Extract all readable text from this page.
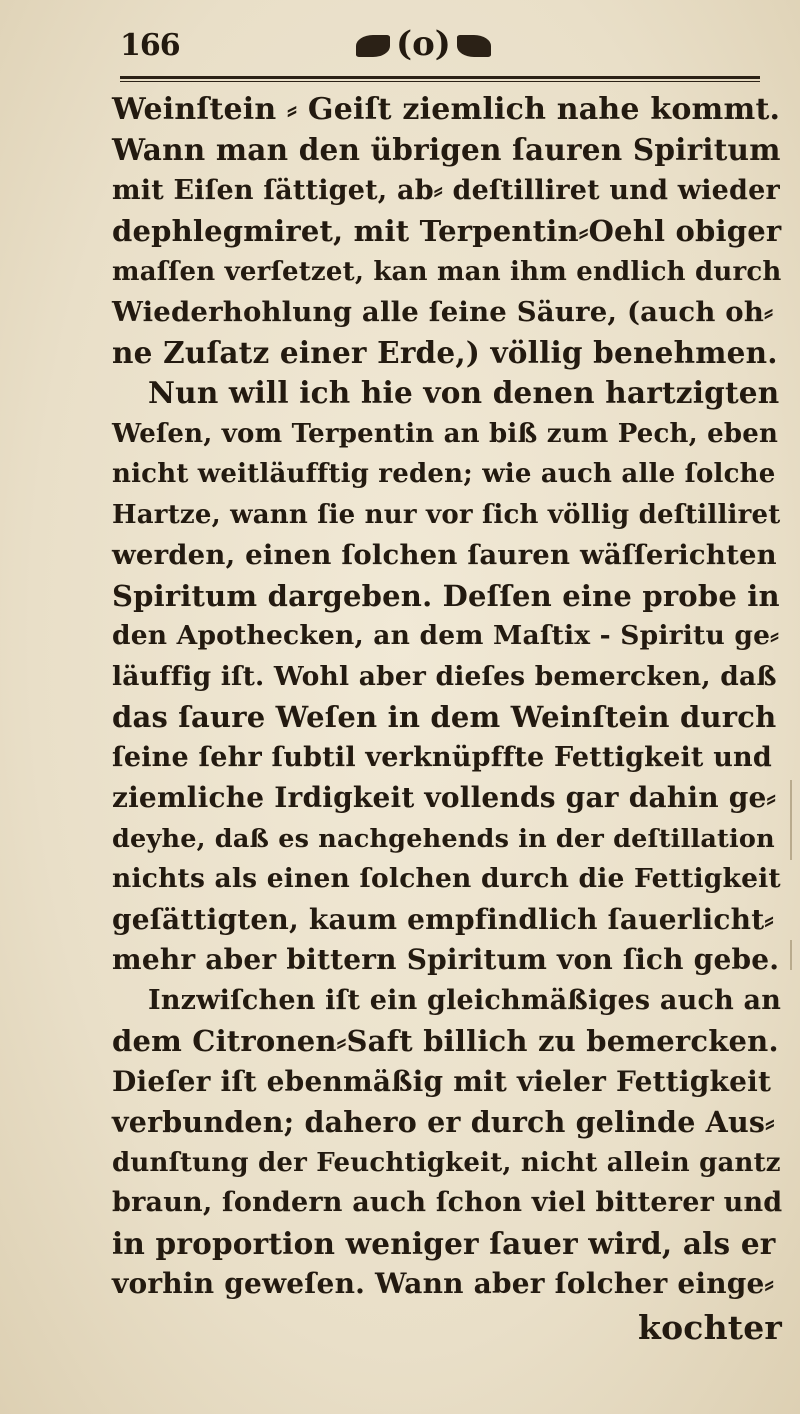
166	(o)
Weinſtein ⸗ Geiſt ziemlich nahe kommt.
Wann man den übrigen ſauren Spiritum
mit Eiſen ſättiget, ab⸗ deſtilliret und wieder
dephlegmiret, mit Terpentin⸗Oehl obiger
maſſen verſetzet, kan man ihm endlich durch
Wiederhohlung alle ſeine Säure, (auch oh⸗
ne Zuſatz einer Erde,) völlig benehmen.
Nun will ich hie von denen hartzigten
Weſen, vom Terpentin an biß zum Pech, eben
nicht weitläufftig reden; wie auch alle ſolche
Hartze, wann ſie nur vor ſich völlig deſtilliret
werden, einen ſolchen ſauren wäſſerichten
Spiritum dargeben. Deſſen eine probe in
den Apothecken, an dem Maſtix - Spiritu ge⸗
läuffig iſt. Wohl aber dieſes bemercken, daß
das ſaure Weſen in dem Weinſtein durch
ſeine ſehr ſubtil verknüpffte Fettigkeit und
ziemliche Irdigkeit vollends gar dahin ge⸗
deyhe, daß es nachgehends in der deſtillation
nichts als einen ſolchen durch die Fettigkeit
geſättigten, kaum empfindlich ſauerlicht⸗
mehr aber bittern Spiritum von ſich gebe.
Inzwiſchen iſt ein gleichmäßiges auch an
dem Citronen⸗Saft billich zu bemercken.
Dieſer iſt ebenmäßig mit vieler Fettigkeit
verbunden; dahero er durch gelinde Aus⸗
dunſtung der Feuchtigkeit, nicht allein gantz
braun, ſondern auch ſchon viel bitterer und
in proportion weniger ſauer wird, als er
vorhin geweſen. Wann aber ſolcher einge⸗
kochter
